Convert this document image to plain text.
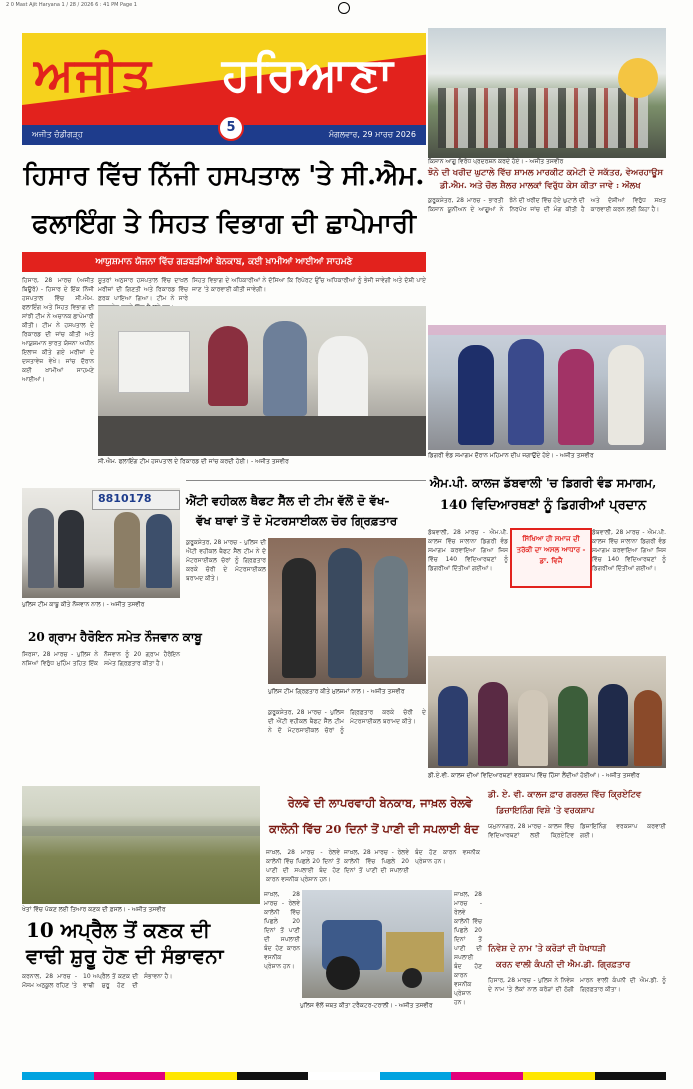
2 0 Mast Ajit Haryana 1 / 28 / 2026 6 : 41 PM Page 1
ਅਜੀਤ ਹਰਿਆਣਾ
ਅਜੀਤ ਚੰਡੀਗੜ੍ਹ	5	ਮੰਗਲਵਾਰ, 29 ਮਾਰਚ 2026
ਕਿਸਾਨ ਆਗੂ ਵਿਰੋਧ ਪ੍ਰਦਰਸ਼ਨ ਕਰਦੇ ਹੋਏ। - ਅਜੀਤ ਤਸਵੀਰ
ਝੋਨੇ ਦੀ ਖਰੀਦ ਘੁਟਾਲੇ ਵਿੱਚ ਸ਼ਾਮਲ ਮਾਰਕੀਟ ਕਮੇਟੀ ਦੇ ਸਕੱਤਰ, ਵੇਅਰਹਾਊਸ
ਡੀ.ਐਮ. ਅਤੇ ਚੌਲ ਸ਼ੈਲਰ ਮਾਲਕਾਂ ਵਿਰੁੱਧ ਕੇਸ ਕੀਤਾ ਜਾਵੇ : ਔਲਖ
ਕੁਰੂਕਸ਼ੇਤਰ, 28 ਮਾਰਚ - ਭਾਰਤੀ ਕਿਸਾਨ ਯੂਨੀਅਨ ਦੇ ਆਗੂਆਂ ਨੇ ਝੋਨੇ ਦੀ ਖਰੀਦ ਵਿੱਚ ਹੋਏ ਘੁਟਾਲੇ ਦੀ ਨਿਰਪੱਖ ਜਾਂਚ ਦੀ ਮੰਗ ਕੀਤੀ ਹੈ ਅਤੇ ਦੋਸ਼ੀਆਂ ਵਿਰੁੱਧ ਸਖ਼ਤ ਕਾਰਵਾਈ ਕਰਨ ਲਈ ਕਿਹਾ ਹੈ।
ਹਿਸਾਰ ਵਿੱਚ ਨਿੱਜੀ ਹਸਪਤਾਲ 'ਤੇ ਸੀ.ਐਮ.
ਫਲਾਇੰਗ ਤੇ ਸਿਹਤ ਵਿਭਾਗ ਦੀ ਛਾਪੇਮਾਰੀ
ਆਯੁਸ਼ਮਾਨ ਯੋਜਨਾ ਵਿੱਚ ਗੜਬੜੀਆਂ ਬੇਨਕਾਬ, ਕਈ ਖ਼ਾਮੀਆਂ ਆਈਆਂ ਸਾਹਮਣੇ
ਹਿਸਾਰ, 28 ਮਾਰਚ (ਅਜੀਤ ਬਿਊਰੋ) - ਹਿਸਾਰ ਦੇ ਇੱਕ ਨਿੱਜੀ ਹਸਪਤਾਲ ਵਿੱਚ ਸੀ.ਐਮ. ਫਲਾਇੰਗ ਅਤੇ ਸਿਹਤ ਵਿਭਾਗ ਦੀ ਸਾਂਝੀ ਟੀਮ ਨੇ ਅਚਾਨਕ ਛਾਪੇਮਾਰੀ ਕੀਤੀ। ਟੀਮ ਨੇ ਹਸਪਤਾਲ ਦੇ ਰਿਕਾਰਡ ਦੀ ਜਾਂਚ ਕੀਤੀ ਅਤੇ ਆਯੁਸ਼ਮਾਨ ਭਾਰਤ ਯੋਜਨਾ ਅਧੀਨ ਇਲਾਜ ਕੀਤੇ ਗਏ ਮਰੀਜ਼ਾਂ ਦੇ ਦਸਤਾਵੇਜ਼ ਵੇਖੇ। ਜਾਂਚ ਦੌਰਾਨ ਕਈ ਖ਼ਾਮੀਆਂ ਸਾਹਮਣੇ ਆਈਆਂ।
ਸੂਤਰਾਂ ਅਨੁਸਾਰ ਹਸਪਤਾਲ ਵਿੱਚ ਦਾਖ਼ਲ ਮਰੀਜ਼ਾਂ ਦੀ ਗਿਣਤੀ ਅਤੇ ਰਿਕਾਰਡ ਵਿੱਚ ਫ਼ਰਕ ਪਾਇਆ ਗਿਆ। ਟੀਮ ਨੇ ਸਾਰੇ
ਸਿਹਤ ਵਿਭਾਗ ਦੇ ਅਧਿਕਾਰੀਆਂ ਨੇ ਦੱਸਿਆ ਕਿ ਰਿਪੋਰਟ ਉੱਚ ਅਧਿਕਾਰੀਆਂ ਨੂੰ ਭੇਜੀ ਜਾਵੇਗੀ ਅਤੇ ਦੋਸ਼ੀ ਪਾਏ ਜਾਣ 'ਤੇ ਕਾਰਵਾਈ ਕੀਤੀ ਜਾਵੇਗੀ।
ਸੀ.ਐਮ. ਫਲਾਇੰਗ ਟੀਮ ਹਸਪਤਾਲ ਦੇ ਰਿਕਾਰਡ ਦੀ ਜਾਂਚ ਕਰਦੀ ਹੋਈ। - ਅਜੀਤ ਤਸਵੀਰ
8810178
ਪੁਲਿਸ ਟੀਮ ਕਾਬੂ ਕੀਤੇ ਨੌਜਵਾਨ ਨਾਲ। - ਅਜੀਤ ਤਸਵੀਰ
20 ਗ੍ਰਾਮ ਹੈਰੋਇਨ ਸਮੇਤ ਨੌਜਵਾਨ ਕਾਬੂ
ਸਿਰਸਾ, 28 ਮਾਰਚ - ਪੁਲਿਸ ਨੇ ਨਸ਼ਿਆਂ ਵਿਰੁੱਧ ਮੁਹਿੰਮ ਤਹਿਤ ਇੱਕ ਨੌਜਵਾਨ ਨੂੰ 20 ਗ੍ਰਾਮ ਹੈਰੋਇਨ ਸਮੇਤ ਗ੍ਰਿਫ਼ਤਾਰ ਕੀਤਾ ਹੈ।
ਐਂਟੀ ਵਹੀਕਲ ਥੈਫਟ ਸੈੱਲ ਦੀ ਟੀਮ ਵੱਲੋਂ ਦੋ ਵੱਖ-
ਵੱਖ ਥਾਵਾਂ ਤੋਂ ਦੋ ਮੋਟਰਸਾਈਕਲ ਚੋਰ ਗ੍ਰਿਫ਼ਤਾਰ
ਕੁਰੂਕਸ਼ੇਤਰ, 28 ਮਾਰਚ - ਪੁਲਿਸ ਦੀ ਐਂਟੀ ਵਹੀਕਲ ਥੈਫਟ ਸੈੱਲ ਟੀਮ ਨੇ ਦੋ ਮੋਟਰਸਾਈਕਲ ਚੋਰਾਂ ਨੂੰ ਗ੍ਰਿਫ਼ਤਾਰ ਕਰਕੇ ਚੋਰੀ ਦੇ ਮੋਟਰਸਾਈਕਲ ਬਰਾਮਦ ਕੀਤੇ।
ਪੁਲਿਸ ਟੀਮ ਗ੍ਰਿਫ਼ਤਾਰ ਕੀਤੇ ਮੁਲਜ਼ਮਾਂ ਨਾਲ। - ਅਜੀਤ ਤਸਵੀਰ
ਕੁਰੂਕਸ਼ੇਤਰ, 28 ਮਾਰਚ - ਪੁਲਿਸ ਦੀ ਐਂਟੀ ਵਹੀਕਲ ਥੈਫਟ ਸੈੱਲ ਟੀਮ ਨੇ ਦੋ ਮੋਟਰਸਾਈਕਲ ਚੋਰਾਂ ਨੂੰ ਗ੍ਰਿਫ਼ਤਾਰ ਕਰਕੇ ਚੋਰੀ ਦੇ ਮੋਟਰਸਾਈਕਲ ਬਰਾਮਦ ਕੀਤੇ।
ਡਿਗਰੀ ਵੰਡ ਸਮਾਗਮ ਦੌਰਾਨ ਮਹਿਮਾਨ ਦੀਪ ਜਗਾਉਂਦੇ ਹੋਏ। - ਅਜੀਤ ਤਸਵੀਰ
ਐਮ.ਪੀ. ਕਾਲਜ ਡੱਬਵਾਲੀ 'ਚ ਡਿਗਰੀ ਵੰਡ ਸਮਾਗਮ,
140 ਵਿਦਿਆਰਥਣਾਂ ਨੂੰ ਡਿਗਰੀਆਂ ਪ੍ਰਦਾਨ
ਡੱਬਵਾਲੀ, 28 ਮਾਰਚ - ਐਮ.ਪੀ. ਕਾਲਜ ਵਿੱਚ ਸਾਲਾਨਾ ਡਿਗਰੀ ਵੰਡ ਸਮਾਗਮ ਕਰਵਾਇਆ ਗਿਆ ਜਿਸ ਵਿੱਚ 140 ਵਿਦਿਆਰਥਣਾਂ ਨੂੰ ਡਿਗਰੀਆਂ ਦਿੱਤੀਆਂ ਗਈਆਂ।
ਸਿੱਖਿਆ ਹੀ ਸਮਾਜ ਦੀ ਤਰੱਕੀ ਦਾ ਅਸਲ ਆਧਾਰ - ਡਾ. ਵਿਜੈ
ਡੱਬਵਾਲੀ, 28 ਮਾਰਚ - ਐਮ.ਪੀ. ਕਾਲਜ ਵਿੱਚ ਸਾਲਾਨਾ ਡਿਗਰੀ ਵੰਡ ਸਮਾਗਮ ਕਰਵਾਇਆ ਗਿਆ ਜਿਸ ਵਿੱਚ 140 ਵਿਦਿਆਰਥਣਾਂ ਨੂੰ ਡਿਗਰੀਆਂ ਦਿੱਤੀਆਂ ਗਈਆਂ।
ਡੀ.ਏ.ਵੀ. ਕਾਲਜ ਦੀਆਂ ਵਿਦਿਆਰਥਣਾਂ ਵਰਕਸ਼ਾਪ ਵਿੱਚ ਹਿੱਸਾ ਲੈਂਦੀਆਂ ਹੋਈਆਂ। - ਅਜੀਤ ਤਸਵੀਰ
ਖੇਤਾਂ ਵਿੱਚ ਪੱਕਣ ਲਈ ਤਿਆਰ ਕਣਕ ਦੀ ਫ਼ਸਲ। - ਅਜੀਤ ਤਸਵੀਰ
10 ਅਪ੍ਰੈਲ ਤੋਂ ਕਣਕ ਦੀ
ਵਾਢੀ ਸ਼ੁਰੂ ਹੋਣ ਦੀ ਸੰਭਾਵਨਾ
ਕਰਨਾਲ, 28 ਮਾਰਚ - ਮੌਸਮ ਅਨੁਕੂਲ ਰਹਿਣ 'ਤੇ 10 ਅਪ੍ਰੈਲ ਤੋਂ ਕਣਕ ਦੀ ਵਾਢੀ ਸ਼ੁਰੂ ਹੋਣ ਦੀ ਸੰਭਾਵਨਾ ਹੈ।
ਰੇਲਵੇ ਦੀ ਲਾਪਰਵਾਹੀ ਬੇਨਕਾਬ, ਜਾਖ਼ਲ ਰੇਲਵੇ
ਕਾਲੋਨੀ ਵਿੱਚ 20 ਦਿਨਾਂ ਤੋਂ ਪਾਣੀ ਦੀ ਸਪਲਾਈ ਬੰਦ
ਜਾਖ਼ਲ, 28 ਮਾਰਚ - ਰੇਲਵੇ ਕਾਲੋਨੀ ਵਿੱਚ ਪਿਛਲੇ 20 ਦਿਨਾਂ ਤੋਂ ਪਾਣੀ ਦੀ ਸਪਲਾਈ ਬੰਦ ਹੋਣ ਕਾਰਨ ਵਸਨੀਕ ਪ੍ਰੇਸ਼ਾਨ ਹਨ।
ਜਾਖ਼ਲ, 28 ਮਾਰਚ - ਰੇਲਵੇ ਕਾਲੋਨੀ ਵਿੱਚ ਪਿਛਲੇ 20 ਦਿਨਾਂ ਤੋਂ ਪਾਣੀ ਦੀ ਸਪਲਾਈ ਬੰਦ ਹੋਣ ਕਾਰਨ ਵਸਨੀਕ ਪ੍ਰੇਸ਼ਾਨ ਹਨ।
ਪੁਲਿਸ ਵੱਲੋਂ ਜ਼ਬਤ ਕੀਤਾ ਟਰੈਕਟਰ-ਟਰਾਲੀ। - ਅਜੀਤ ਤਸਵੀਰ
ਜਾਖ਼ਲ, 28 ਮਾਰਚ - ਰੇਲਵੇ ਕਾਲੋਨੀ ਵਿੱਚ ਪਿਛਲੇ 20 ਦਿਨਾਂ ਤੋਂ ਪਾਣੀ ਦੀ ਸਪਲਾਈ ਬੰਦ ਹੋਣ ਕਾਰਨ ਵਸਨੀਕ ਪ੍ਰੇਸ਼ਾਨ ਹਨ।
ਜਾਖ਼ਲ, 28 ਮਾਰਚ - ਰੇਲਵੇ ਕਾਲੋਨੀ ਵਿੱਚ ਪਿਛਲੇ 20 ਦਿਨਾਂ ਤੋਂ ਪਾਣੀ ਦੀ ਸਪਲਾਈ ਬੰਦ ਹੋਣ ਕਾਰਨ ਵਸਨੀਕ ਪ੍ਰੇਸ਼ਾਨ ਹਨ।
ਡੀ. ਏ. ਵੀ. ਕਾਲਜ ਫ਼ਾਰ ਗਰਲਜ਼ ਵਿੱਚ ਕ੍ਰਿਏਟਿਵ
ਡਿਜ਼ਾਇਨਿੰਗ ਵਿਸ਼ੇ 'ਤੇ ਵਰਕਸ਼ਾਪ
ਯਮੁਨਾਨਗਰ, 28 ਮਾਰਚ - ਕਾਲਜ ਵਿੱਚ ਵਿਦਿਆਰਥਣਾਂ ਲਈ ਕ੍ਰਿਏਟਿਵ ਡਿਜ਼ਾਇਨਿੰਗ ਵਰਕਸ਼ਾਪ ਕਰਵਾਈ ਗਈ।
ਨਿਵੇਸ਼ ਦੇ ਨਾਮ 'ਤੇ ਕਰੋੜਾਂ ਦੀ ਧੋਖਾਧੜੀ
ਕਰਨ ਵਾਲੀ ਕੰਪਨੀ ਦੀ ਐਮ.ਡੀ. ਗ੍ਰਿਫ਼ਤਾਰ
ਹਿਸਾਰ, 28 ਮਾਰਚ - ਪੁਲਿਸ ਨੇ ਨਿਵੇਸ਼ ਦੇ ਨਾਮ 'ਤੇ ਲੋਕਾਂ ਨਾਲ ਕਰੋੜਾਂ ਦੀ ਠੱਗੀ ਮਾਰਨ ਵਾਲੀ ਕੰਪਨੀ ਦੀ ਐਮ.ਡੀ. ਨੂੰ ਗ੍ਰਿਫ਼ਤਾਰ ਕੀਤਾ।
